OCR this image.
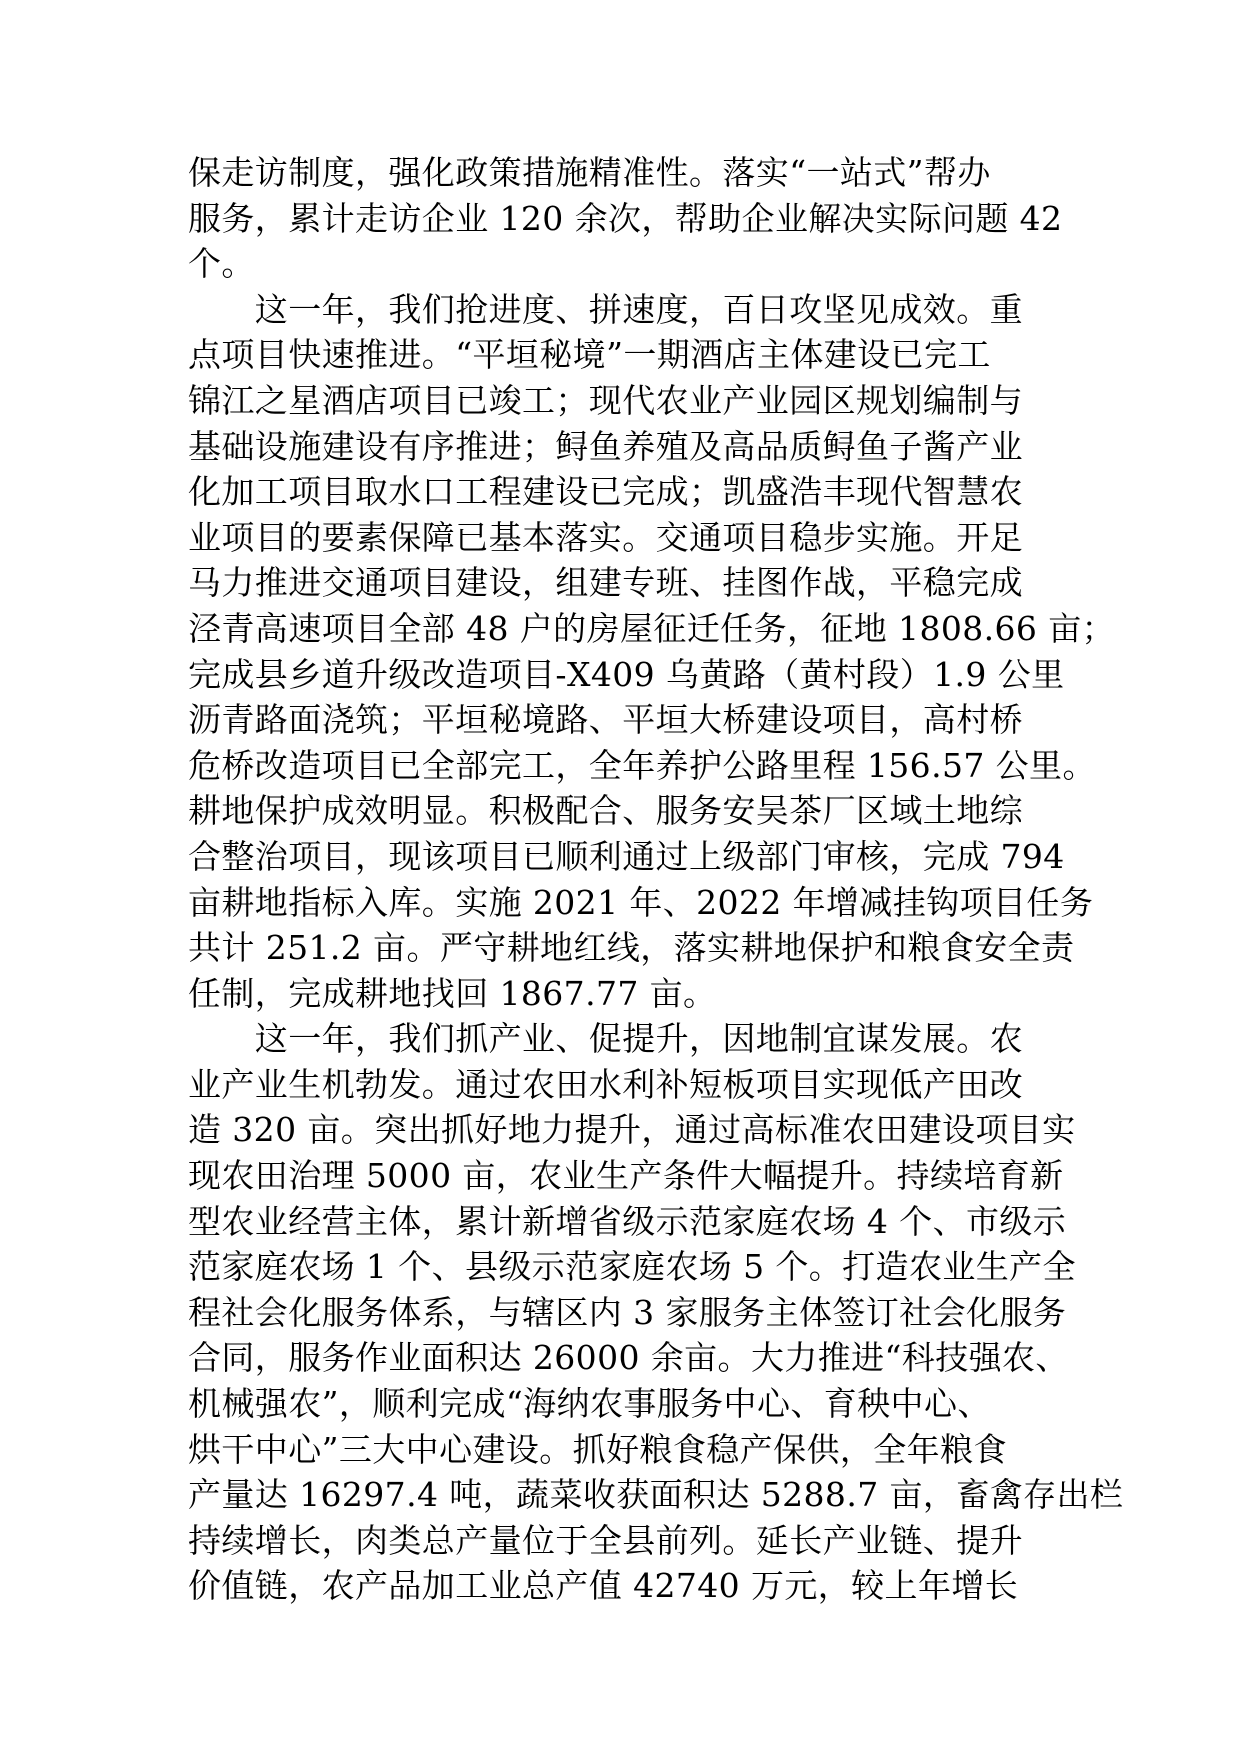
保走访制度，强化政策措施精准性。落实“一站式”帮办
服务，累计走访企业 120 余次，帮助企业解决实际问题 42
个。
　　这一年，我们抢进度、拼速度，百日攻坚见成效。重
点项目快速推进。“平垣秘境”一期酒店主体建设已完工
锦江之星酒店项目已竣工；现代农业产业园区规划编制与
基础设施建设有序推进；鲟鱼养殖及高品质鲟鱼子酱产业
化加工项目取水口工程建设已完成；凯盛浩丰现代智慧农
业项目的要素保障已基本落实。交通项目稳步实施。开足
马力推进交通项目建设，组建专班、挂图作战，平稳完成
泾青高速项目全部 48 户的房屋征迁任务，征地 1808.66 亩；
完成县乡道升级改造项目-X409 乌黄路（黄村段）1.9 公里
沥青路面浇筑；平垣秘境路、平垣大桥建设项目，高村桥
危桥改造项目已全部完工，全年养护公路里程 156.57 公里。
耕地保护成效明显。积极配合、服务安吴茶厂区域土地综
合整治项目，现该项目已顺利通过上级部门审核，完成 794
亩耕地指标入库。实施 2021 年、2022 年增减挂钩项目任务
共计 251.2 亩。严守耕地红线，落实耕地保护和粮食安全责
任制，完成耕地找回 1867.77 亩。
　　这一年，我们抓产业、促提升，因地制宜谋发展。农
业产业生机勃发。通过农田水利补短板项目实现低产田改
造 320 亩。突出抓好地力提升，通过高标准农田建设项目实
现农田治理 5000 亩，农业生产条件大幅提升。持续培育新
型农业经营主体，累计新增省级示范家庭农场 4 个、市级示
范家庭农场 1 个、县级示范家庭农场 5 个。打造农业生产全
程社会化服务体系，与辖区内 3 家服务主体签订社会化服务
合同，服务作业面积达 26000 余亩。大力推进“科技强农、
机械强农”，顺利完成“海纳农事服务中心、育秧中心、
烘干中心”三大中心建设。抓好粮食稳产保供，全年粮食
产量达 16297.4 吨，蔬菜收获面积达 5288.7 亩，畜禽存出栏
持续增长，肉类总产量位于全县前列。延长产业链、提升
价值链，农产品加工业总产值 42740 万元，较上年增长
